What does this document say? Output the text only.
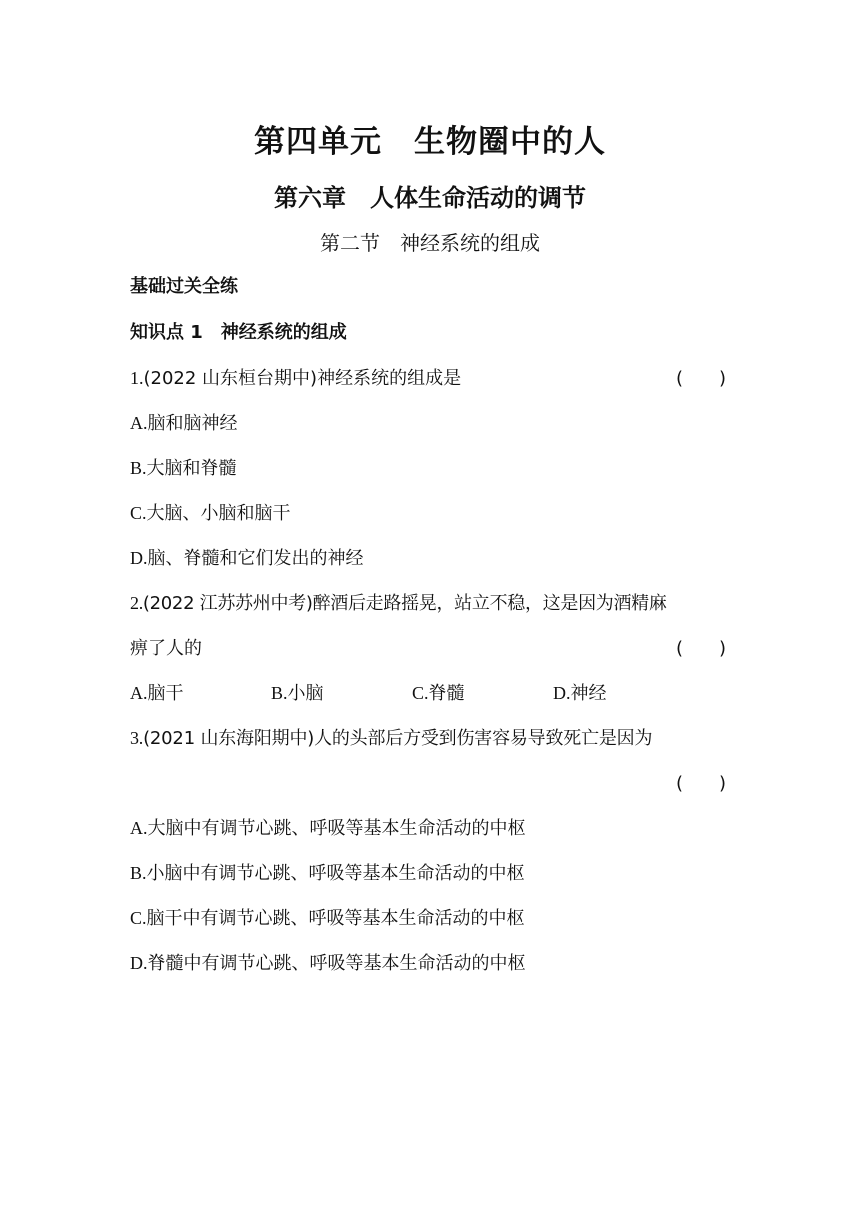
第四单元　生物圈中的人
第六章　人体生命活动的调节
第二节　神经系统的组成
基础过关全练
知识点 1　神经系统的组成
1.(2022 山东桓台期中)神经系统的组成是	(　　)
A.脑和脑神经
B.大脑和脊髓
C.大脑、小脑和脑干
D.脑、脊髓和它们发出的神经
2.(2022 江苏苏州中考)醉酒后走路摇晃，站立不稳，这是因为酒精麻
痹了人的	(　　)
A.脑干	B.小脑	C.脊髓	D.神经
3.(2021 山东海阳期中)人的头部后方受到伤害容易导致死亡是因为
(　　)
A.大脑中有调节心跳、呼吸等基本生命活动的中枢
B.小脑中有调节心跳、呼吸等基本生命活动的中枢
C.脑干中有调节心跳、呼吸等基本生命活动的中枢
D.脊髓中有调节心跳、呼吸等基本生命活动的中枢
